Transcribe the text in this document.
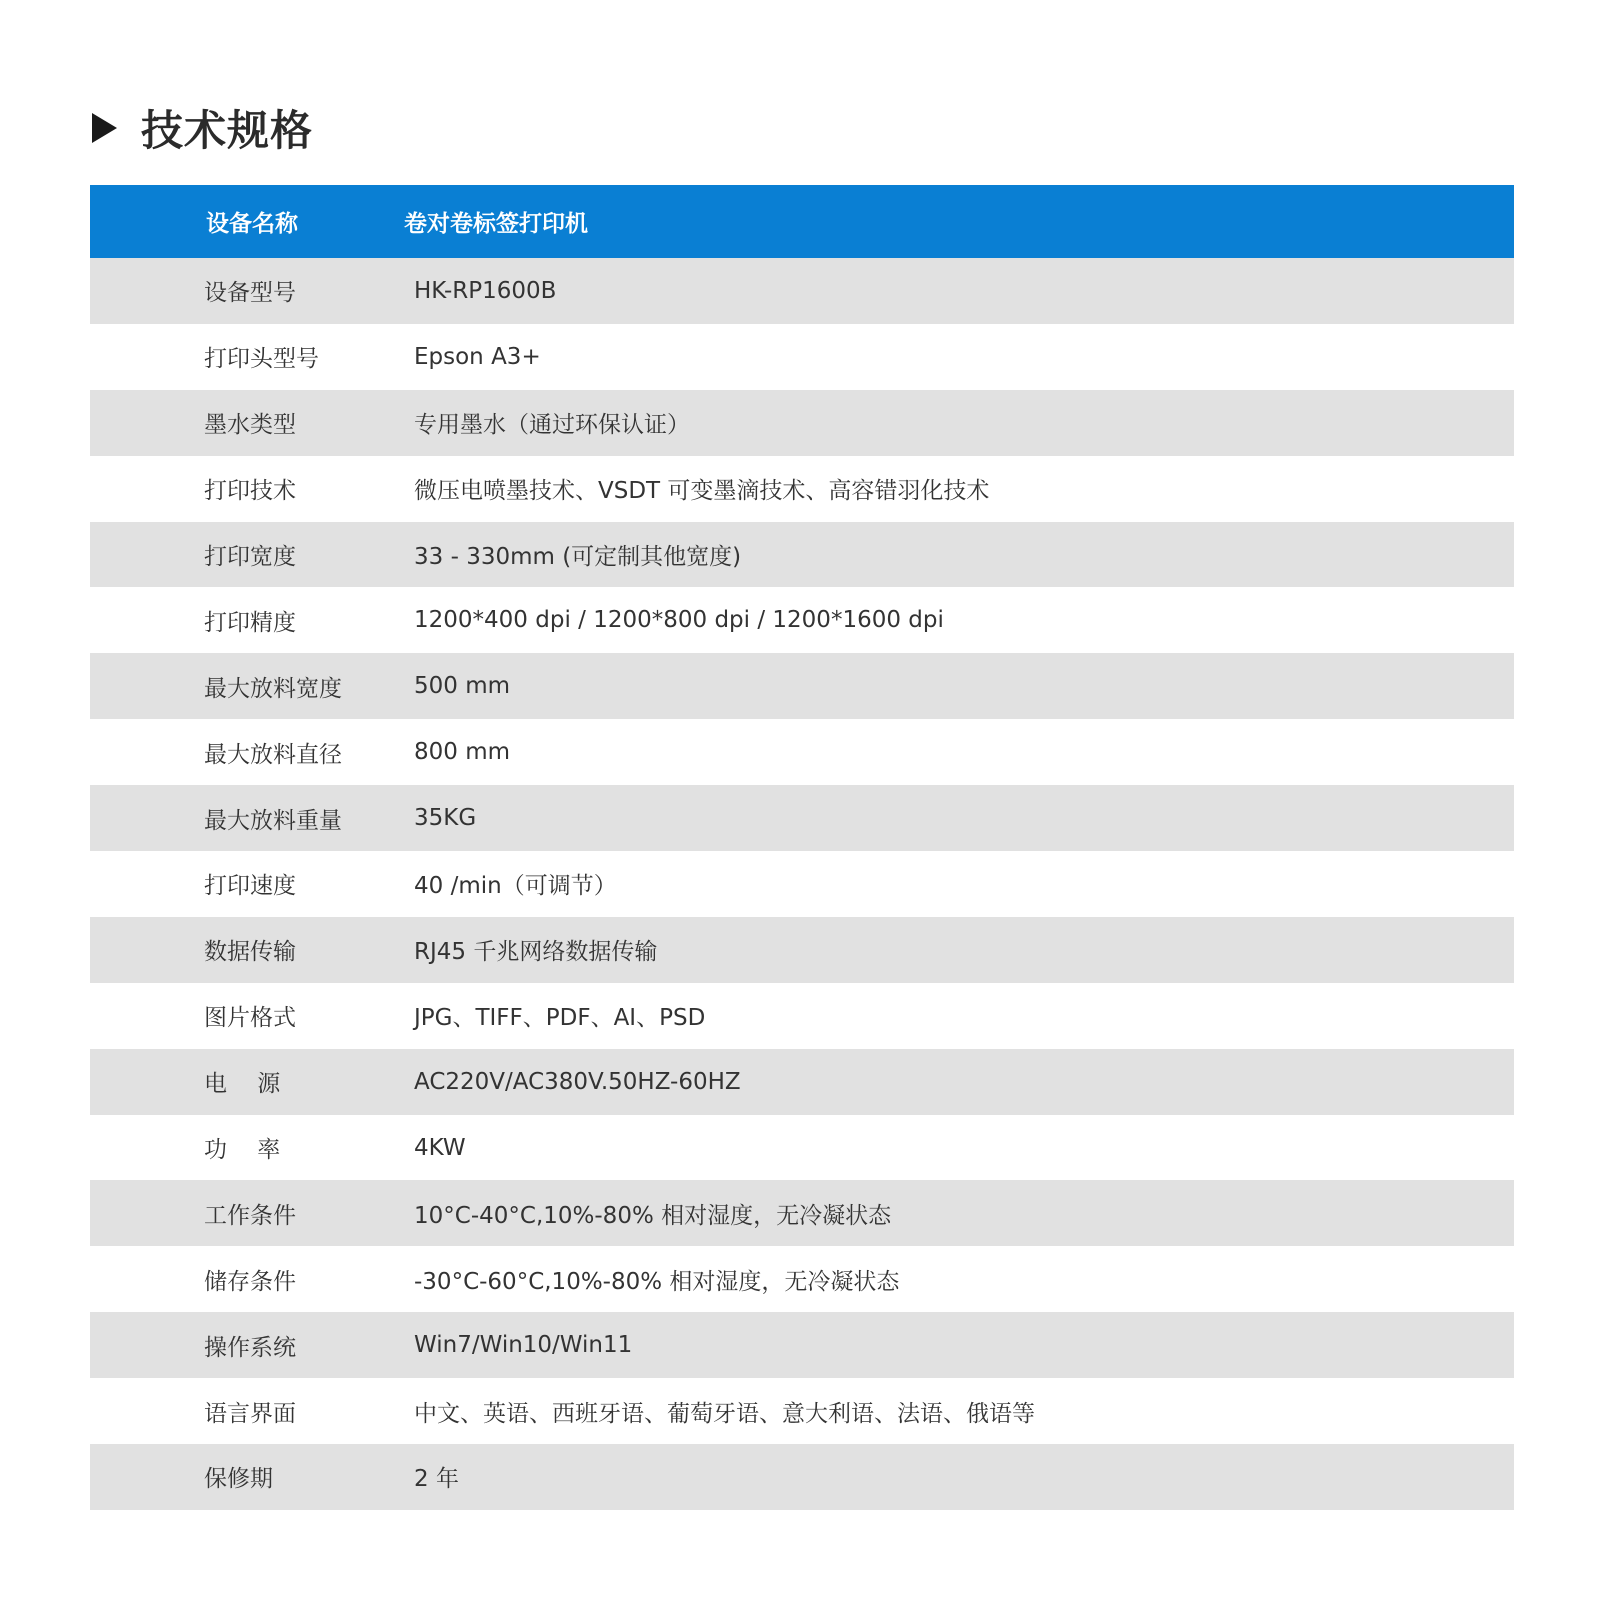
技术规格
设备名称	卷对卷标签打印机
设备型号	HK-RP1600B
打印头型号	Epson A3+
墨水类型	专用墨水（通过环保认证）
打印技术	微压电喷墨技术、VSDT 可变墨滴技术、高容错羽化技术
打印宽度	33 - 330mm (可定制其他宽度)
打印精度	1200*400 dpi / 1200*800 dpi / 1200*1600 dpi
最大放料宽度	500 mm
最大放料直径	800 mm
最大放料重量	35KG
打印速度	40 /min（可调节）
数据传输	RJ45 千兆网络数据传输
图片格式	JPG、TIFF、PDF、AI、PSD
电　 源	AC220V/AC380V.50HZ-60HZ
功　 率	4KW
工作条件	10°C-40°C,10%-80% 相对湿度，无冷凝状态
储存条件	-30°C-60°C,10%-80% 相对湿度，无冷凝状态
操作系统	Win7/Win10/Win11
语言界面	中文、英语、西班牙语、葡萄牙语、意大利语、法语、俄语等
保修期	2 年
